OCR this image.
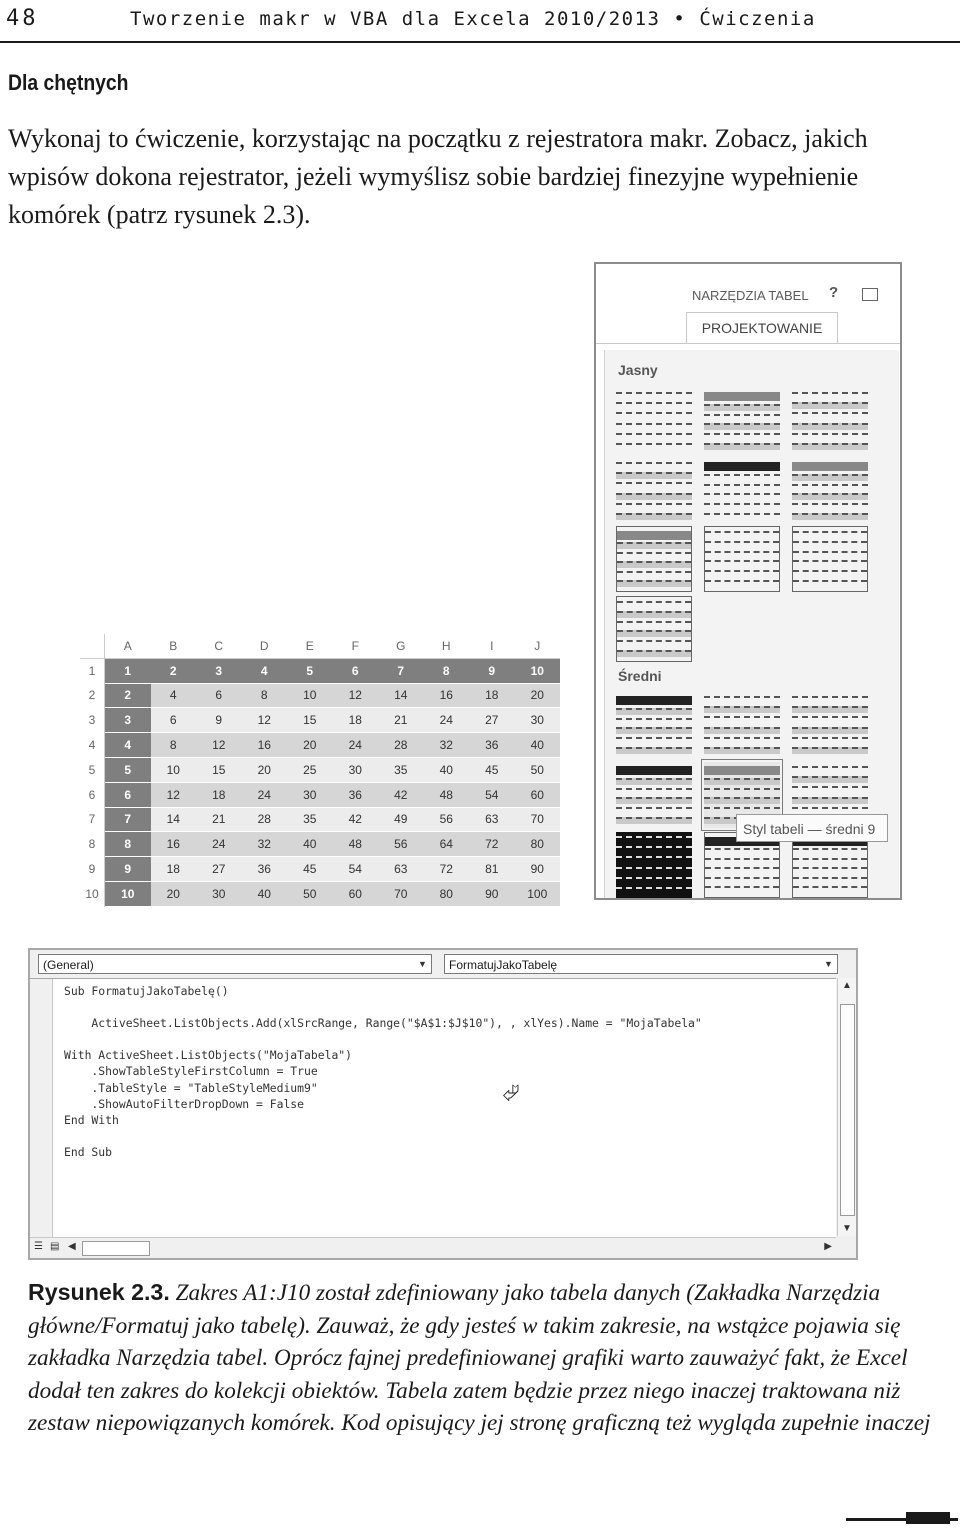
48	Tworzenie makr w VBA dla Excela 2010/2013 • Ćwiczenia
Dla chętnych

Wykonaj to ćwiczenie, korzystając na początku z rejestratora makr. Zobacz, jakich wpisów dokona rejestrator, jeżeli wymyślisz sobie bardziej finezyjne wypełnienie komórek (patrz rysunek 2.3).

NARZĘDZIA TABEL ?
PROJEKTOWANIE
Jasny
Średni
Styl tabeli — średni 9
	A	B	C	D	E	F	G	H	I	J
1	1	2	3	4	5	6	7	8	9	10
2	2	4	6	8	10	12	14	16	18	20
3	3	6	9	12	15	18	21	24	27	30
4	4	8	12	16	20	24	28	32	36	40
5	5	10	15	20	25	30	35	40	45	50
6	6	12	18	24	30	36	42	48	54	60
7	7	14	21	28	35	42	49	56	63	70
8	8	16	24	32	40	48	56	64	72	80
9	9	18	27	36	45	54	63	72	81	90
10	10	20	30	40	50	60	70	80	90	100
(General)	▼	FormatujJakoTabelę	▼
Sub FormatujJakoTabelę()

ActiveSheet.ListObjects.Add(xlSrcRange, Range("$A$1:$J$10"), , xlYes).Name = "MojaTabela"

With ActiveSheet.ListObjects("MojaTabela")
.ShowTableStyleFirstColumn = True
.TableStyle = "TableStyleMedium9"
.ShowAutoFilterDropDown = False
End With

End Sub
▲
▼
☰ ▤ ◀	▶
⮰
Rysunek 2.3. Zakres A1:J10 został zdefiniowany jako tabela danych (Zakładka Narzędzia główne/Formatuj jako tabelę). Zauważ, że gdy jesteś w takim zakresie, na wstążce pojawia się zakładka Narzędzia tabel. Oprócz fajnej predefiniowanej grafiki warto zauważyć fakt, że Excel dodał ten zakres do kolekcji obiektów. Tabela zatem będzie przez niego inaczej traktowana niż zestaw niepowiązanych komórek. Kod opisujący jej stronę graficzną też wygląda zupełnie inaczej
